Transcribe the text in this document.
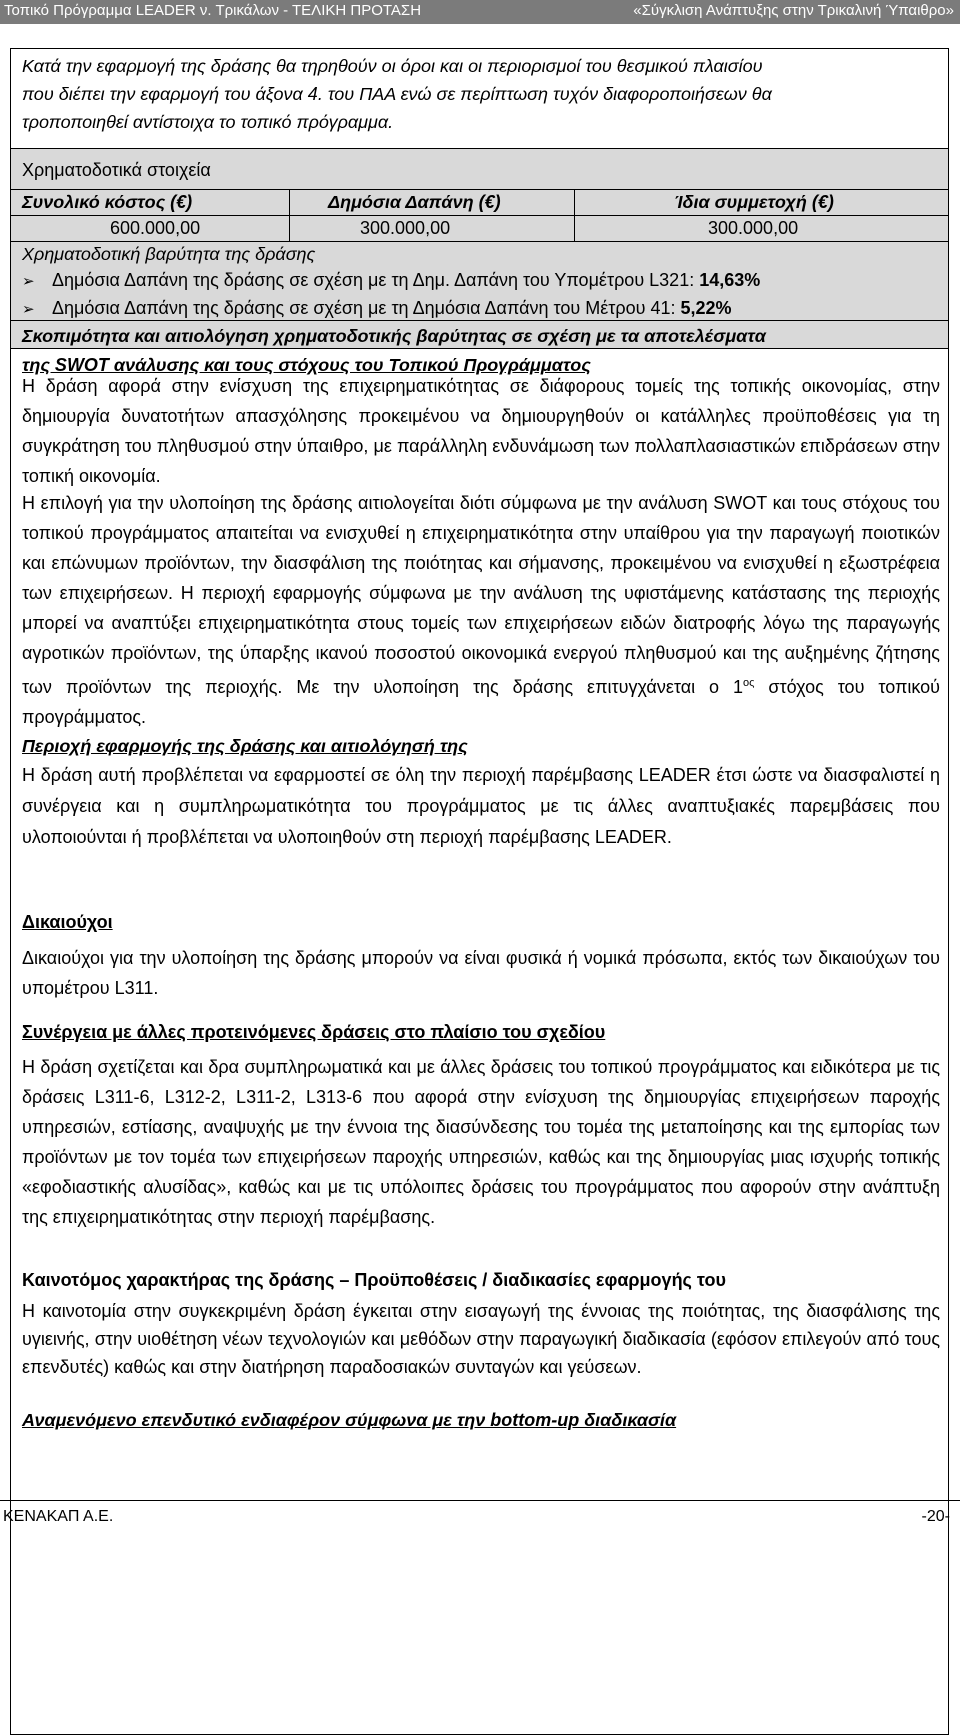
Τοπικό Πρόγραμμα LEADER ν. Τρικάλων - ΤΕΛΙΚΗ ΠΡΟΤΑΣΗ	«Σύγκλιση Ανάπτυξης στην Τρικαλινή Ύπαιθρο»
Κατά την εφαρμογή της δράσης θα τηρηθούν οι όροι και οι περιορισμοί του θεσμικού πλαισίου
που διέπει την εφαρμογή του άξονα 4. του ΠΑΑ ενώ σε περίπτωση τυχόν διαφοροποιήσεων θα
τροποποιηθεί αντίστοιχα το τοπικό πρόγραμμα.
Χρηματοδοτικά στοιχεία
Συνολικό κόστος (€)	Δημόσια Δαπάνη (€)	Ίδια συμμετοχή (€)
600.000,00	300.000,00	300.000,00
Χρηματοδοτική βαρύτητα της δράσης
➢ Δημόσια Δαπάνη της δράσης σε σχέση με τη Δημ. Δαπάνη του Υπομέτρου L321: 14,63%
➢ Δημόσια Δαπάνη της δράσης σε σχέση με τη Δημόσια Δαπάνη του Μέτρου 41: 5,22%
Σκοπιμότητα και αιτιολόγηση χρηματοδοτικής βαρύτητας σε σχέση με τα αποτελέσματα
της SWOT ανάλυσης και τους στόχους του Τοπικού Προγράμματος
Η δράση αφορά στην ενίσχυση της επιχειρηματικότητας σε διάφορους τομείς της τοπικής οικονομίας, στην δημιουργία δυνατοτήτων απασχόλησης προκειμένου να δημιουργηθούν οι κατάλληλες προϋποθέσεις για τη συγκράτηση του πληθυσμού στην ύπαιθρο, με παράλληλη ενδυνάμωση των πολλαπλασιαστικών επιδράσεων στην τοπική οικονομία.
Η επιλογή για την υλοποίηση της δράσης αιτιολογείται διότι σύμφωνα με την ανάλυση SWOT και τους στόχους του τοπικού προγράμματος απαιτείται να ενισχυθεί η επιχειρηματικότητα στην υπαίθρου για την παραγωγή ποιοτικών και επώνυμων προϊόντων, την διασφάλιση της ποιότητας και σήμανσης, προκειμένου να ενισχυθεί η εξωστρέφεια των επιχειρήσεων. Η περιοχή εφαρμογής σύμφωνα με την ανάλυση της υφιστάμενης κατάστασης της περιοχής μπορεί να αναπτύξει επιχειρηματικότητα στους τομείς των επιχειρήσεων ειδών διατροφής λόγω της παραγωγής αγροτικών προϊόντων, της ύπαρξης ικανού ποσοστού οικονομικά ενεργού πληθυσμού και της αυξημένης ζήτησης των προϊόντων της περιοχής. Με την υλοποίηση της δράσης επιτυγχάνεται ο $1^{o\varsigma}$ στόχος του τοπικού προγράμματος.
Περιοχή εφαρμογής της δράσης και αιτιολόγησή της
Η δράση αυτή προβλέπεται να εφαρμοστεί σε όλη την περιοχή παρέμβασης LEADER έτσι ώστε να διασφαλιστεί η συνέργεια και η συμπληρωματικότητα του προγράμματος με τις άλλες αναπτυξιακές παρεμβάσεις που υλοποιούνται ή προβλέπεται να υλοποιηθούν στη περιοχή παρέμβασης LEADER.
Δικαιούχοι
Δικαιούχοι για την υλοποίηση της δράσης μπορούν να είναι φυσικά ή νομικά πρόσωπα, εκτός των δικαιούχων του υπομέτρου L311.
Συνέργεια με άλλες προτεινόμενες δράσεις στο πλαίσιο του σχεδίου
Η δράση σχετίζεται και δρα συμπληρωματικά και με άλλες δράσεις του τοπικού προγράμματος και ειδικότερα με τις δράσεις L311-6, L312-2, L311-2, L313-6 που αφορά στην ενίσχυση της δημιουργίας επιχειρήσεων παροχής υπηρεσιών, εστίασης, αναψυχής με την έννοια της διασύνδεσης του τομέα της μεταποίησης και της εμπορίας των προϊόντων με τον τομέα των επιχειρήσεων παροχής υπηρεσιών, καθώς και της δημιουργίας μιας ισχυρής τοπικής «εφοδιαστικής αλυσίδας», καθώς και με τις υπόλοιπες δράσεις του προγράμματος που αφορούν στην ανάπτυξη της επιχειρηματικότητας στην περιοχή παρέμβασης.
Καινοτόμος χαρακτήρας της δράσης – Προϋποθέσεις / διαδικασίες εφαρμογής του
Η καινοτομία στην συγκεκριμένη δράση έγκειται στην εισαγωγή της έννοιας της ποιότητας, της διασφάλισης της υγιεινής, στην υιοθέτηση νέων τεχνολογιών και μεθόδων στην παραγωγική διαδικασία (εφόσον επιλεγούν από τους επενδυτές) καθώς και στην διατήρηση παραδοσιακών συνταγών και γεύσεων.
Αναμενόμενο επενδυτικό ενδιαφέρον σύμφωνα με την bottom-up διαδικασία
ΚΕΝΑΚΑΠ Α.Ε.	-20-
